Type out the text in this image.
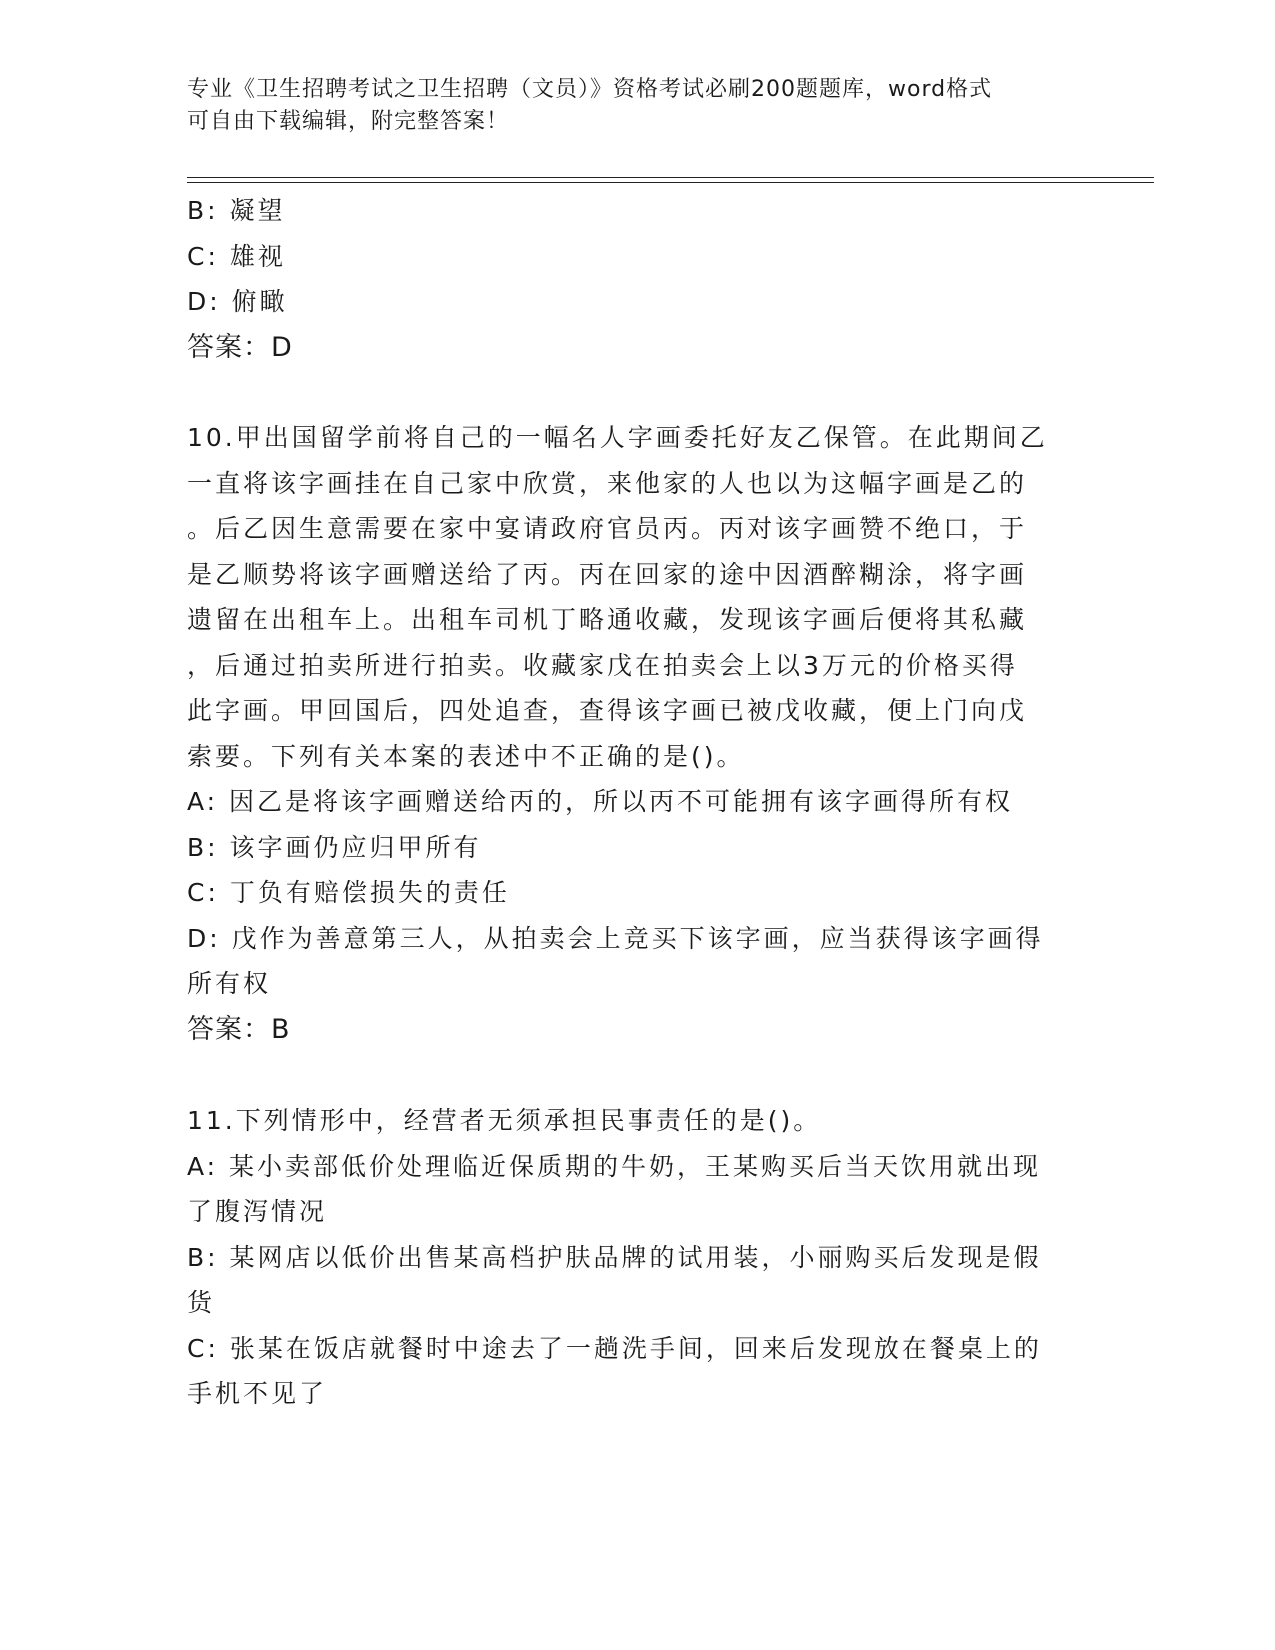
专业《卫生招聘考试之卫生招聘（文员）》资格考试必刷200题题库，word格式
可自由下载编辑，附完整答案！

B: 凝望

C: 雄视

D: 俯瞰

答案：D

10.甲出国留学前将自己的一幅名人字画委托好友乙保管。在此期间乙

一直将该字画挂在自己家中欣赏，来他家的人也以为这幅字画是乙的

。后乙因生意需要在家中宴请政府官员丙。丙对该字画赞不绝口，于

是乙顺势将该字画赠送给了丙。丙在回家的途中因酒醉糊涂，将字画

遗留在出租车上。出租车司机丁略通收藏，发现该字画后便将其私藏

，后通过拍卖所进行拍卖。收藏家戊在拍卖会上以3万元的价格买得

此字画。甲回国后，四处追查，查得该字画已被戊收藏，便上门向戊

索要。下列有关本案的表述中不正确的是()。

A: 因乙是将该字画赠送给丙的，所以丙不可能拥有该字画得所有权

B: 该字画仍应归甲所有

C: 丁负有赔偿损失的责任

D: 戊作为善意第三人，从拍卖会上竞买下该字画，应当获得该字画得

所有权

答案：B

11.下列情形中，经营者无须承担民事责任的是()。

A: 某小卖部低价处理临近保质期的牛奶，王某购买后当天饮用就出现

了腹泻情况

B: 某网店以低价出售某高档护肤品牌的试用装，小丽购买后发现是假

货

C: 张某在饭店就餐时中途去了一趟洗手间，回来后发现放在餐桌上的

手机不见了
